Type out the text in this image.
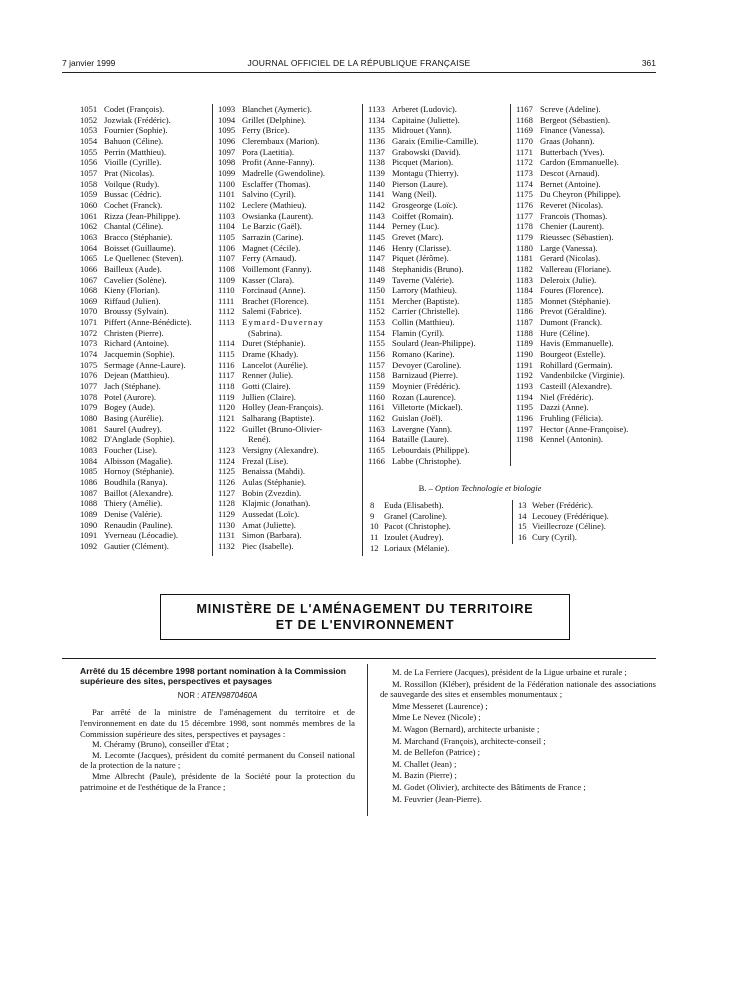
7 janvier 1999	JOURNAL OFFICIEL DE LA RÉPUBLIQUE FRANÇAISE	361
1051 Codet (François).
1052 Jozwiak (Frédéric).
1053 Fournier (Sophie).
1054 Bahuon (Céline).
1055 Perrin (Matthieu).
1056 Vioille (Cyrille).
1057 Prat (Nicolas).
1058 Voilque (Rudy).
1059 Bussac (Cédric).
1060 Cochet (Franck).
1061 Rizza (Jean-Philippe).
1062 Chantal (Céline).
1063 Bracco (Stéphanie).
1064 Boisset (Guillaume).
1065 Le Quellenec (Steven).
1066 Bailleux (Aude).
1067 Cavelier (Solène).
1068 Kieny (Florian).
1069 Riffaud (Julien).
1070 Broussy (Sylvain).
1071 Piffert (Anne-Bénédicte).
1072 Christen (Pierre).
1073 Richard (Antoine).
1074 Jacquemin (Sophie).
1075 Sermage (Anne-Laure).
1076 Dejean (Matthieu).
1077 Jach (Stéphane).
1078 Potel (Aurore).
1079 Bogey (Aude).
1080 Basing (Aurélie).
1081 Saurel (Audrey).
1082 D'Anglade (Sophie).
1083 Foucher (Lise).
1084 Albisson (Magalie).
1085 Hornoy (Stéphanie).
1086 Boudhila (Ranya).
1087 Baillot (Alexandre).
1088 Thiery (Amélie).
1089 Denise (Valérie).
1090 Renaudin (Pauline).
1091 Yverneau (Léocadie).
1092 Gautier (Clément).
1093 Blanchet (Aymeric).
1094 Grillet (Delphine).
1095 Ferry (Brice).
1096 Clerembaux (Marion).
1097 Pora (Laetitia).
1098 Profit (Anne-Fanny).
1099 Madrelle (Gwendoline).
1100 Esclaffer (Thomas).
1101 Salvino (Cyril).
1102 Leclere (Mathieu).
1103 Owsianka (Laurent).
1104 Le Barzic (Gaël).
1105 Sarrazin (Carine).
1106 Magnet (Cécile).
1107 Ferry (Arnaud).
1108 Voillemont (Fanny).
1109 Kasser (Clara).
1110 Forcinaud (Anne).
1111 Brachet (Florence).
1112 Salemi (Fabrice).
1113 Eymard-Duvernay
(Sabrina).
1114 Duret (Stéphanie).
1115 Drame (Khady).
1116 Lancelot (Aurélie).
1117 Renner (Julie).
1118 Gotti (Claire).
1119 Jullien (Claire).
1120 Holley (Jean-François).
1121 Salharang (Baptiste).
1122 Guillet (Bruno-Olivier-
René).
1123 Versigny (Alexandre).
1124 Frezal (Lise).
1125 Benaissa (Mahdi).
1126 Aulas (Stéphanie).
1127 Bobin (Zvezdin).
1128 Klajmic (Jonathan).
1129 Aussedat (Loïc).
1130 Amat (Juliette).
1131 Simon (Barbara).
1132 Piec (Isabelle).
1133 Arberet (Ludovic).
1134 Capitaine (Juliette).
1135 Midrouet (Yann).
1136 Garaix (Emilie-Camille).
1137 Grabowski (David).
1138 Picquet (Marion).
1139 Montagu (Thierry).
1140 Pierson (Laure).
1141 Wang (Neil).
1142 Grosgeorge (Loïc).
1143 Coiffet (Romain).
1144 Perney (Luc).
1145 Grevet (Marc).
1146 Henry (Clarisse).
1147 Piquet (Jérôme).
1148 Stephanidis (Bruno).
1149 Taverne (Valérie).
1150 Larrory (Mathieu).
1151 Mercher (Baptiste).
1152 Carrier (Christelle).
1153 Collin (Matthieu).
1154 Flamin (Cyril).
1155 Soulard (Jean-Philippe).
1156 Romano (Karine).
1157 Devoyer (Caroline).
1158 Barnizaud (Pierre).
1159 Moynier (Frédéric).
1160 Rozan (Laurence).
1161 Villetorte (Mickael).
1162 Guislan (Joël).
1163 Lavergne (Yann).
1164 Bataille (Laure).
1165 Lebourdais (Philippe).
1166 Labbe (Christophe).
1167 Screve (Adeline).
1168 Bergeot (Sébastien).
1169 Finance (Vanessa).
1170 Graas (Johann).
1171 Butterbach (Yves).
1172 Cardon (Emmanuelle).
1173 Descot (Arnaud).
1174 Bernet (Antoine).
1175 Du Cheyron (Philippe).
1176 Reveret (Nicolas).
1177 Francois (Thomas).
1178 Chenier (Laurent).
1179 Rieussec (Sébastien).
1180 Large (Vanessa).
1181 Gerard (Nicolas).
1182 Vallereau (Floriane).
1183 Deleroix (Julie).
1184 Foures (Florence).
1185 Monnet (Stéphanie).
1186 Prevot (Géraldine).
1187 Dumont (Franck).
1188 Hure (Céline).
1189 Havis (Emmanuelle).
1190 Bourgeot (Estelle).
1191 Rohillard (Germain).
1192 Vandenbilcke (Virginie).
1193 Casteill (Alexandre).
1194 Niel (Frédéric).
1195 Dazzi (Anne).
1196 Fruhling (Félicia).
1197 Hector (Anne-Françoise).
1198 Kennel (Antonin).
B. – Option Technologie et biologie
8 Euda (Elisabeth).
9 Granel (Caroline).
10 Pacot (Christophe).
11 Izoulet (Audrey).
12 Loriaux (Mélanie).
13 Weber (Frédéric).
14 Lecouey (Frédérique).
15 Vieillecroze (Céline).
16 Cury (Cyril).
MINISTÈRE DE L'AMÉNAGEMENT DU TERRITOIRE
ET DE L'ENVIRONNEMENT
Arrêté du 15 décembre 1998 portant nomination à la Commission supérieure des sites, perspectives et paysages
NOR : ATEN9870460A

Par arrêté de la ministre de l'aménagement du territoire et de l'environnement en date du 15 décembre 1998, sont nommés membres de la Commission supérieure des sites, perspectives et paysages :

M. Chéramy (Bruno), conseiller d'Etat ;

M. Lecomte (Jacques), président du comité permanent du Conseil national de la protection de la nature ;

Mme Albrecht (Paule), présidente de la Société pour la protection du patrimoine et de l'esthétique de la France ;

M. de La Ferriere (Jacques), président de la Ligue urbaine et rurale ;

M. Rossillon (Kléber), président de la Fédération nationale des associations de sauvegarde des sites et ensembles monumentaux ;

Mme Messeret (Laurence) ;

Mme Le Nevez (Nicole) ;

M. Wagon (Bernard), architecte urbaniste ;

M. Marchand (François), architecte-conseil ;

M. de Bellefon (Patrice) ;

M. Challet (Jean) ;

M. Bazin (Pierre) ;

M. Godet (Olivier), architecte des Bâtiments de France ;

M. Feuvrier (Jean-Pierre).
